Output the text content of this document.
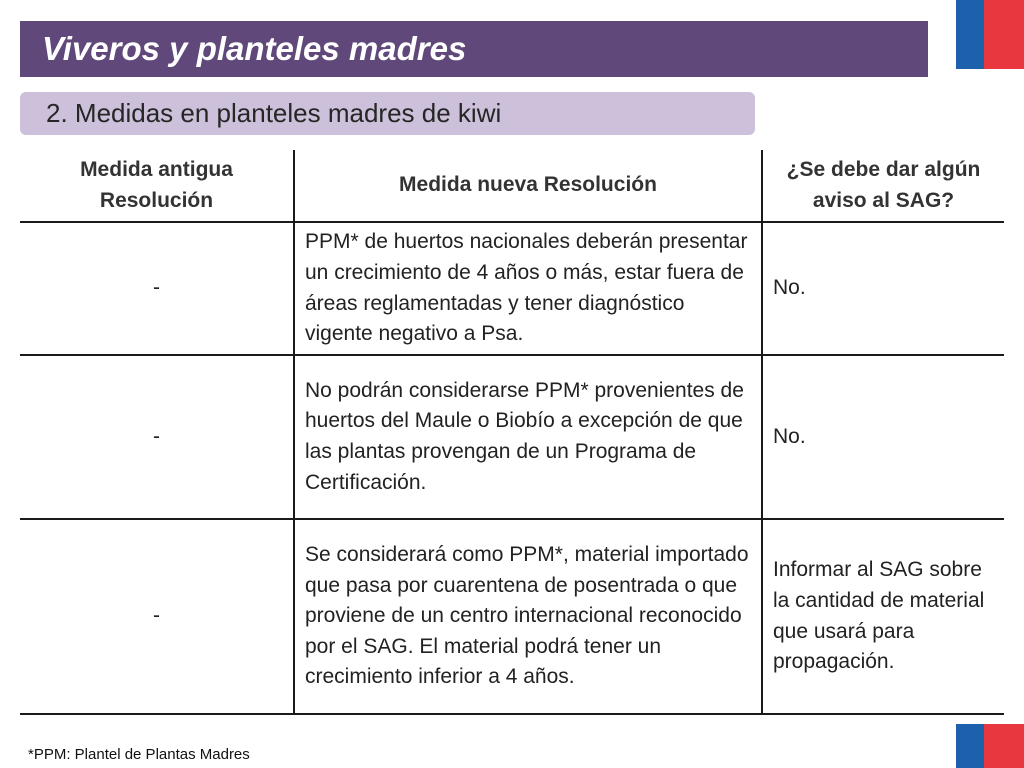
Viveros y planteles madres
2. Medidas en planteles madres de kiwi
Medida antigua Resolución	Medida nueva Resolución	¿Se debe dar algún aviso al SAG?
-	PPM* de huertos nacionales deberán presentar un crecimiento de 4 años o más, estar fuera de áreas reglamentadas y tener diagnóstico vigente negativo a Psa.	No.
-	No podrán considerarse PPM* provenientes de huertos del Maule o Biobío a excepción de que las plantas provengan de un Programa de Certificación.	No.
-	Se considerará como PPM*, material importado que pasa por cuarentena de posentrada o que proviene de un centro internacional reconocido por el SAG. El material podrá tener un crecimiento inferior a 4 años.	Informar al SAG sobre la cantidad de material que usará para propagación.
*PPM: Plantel de Plantas Madres
